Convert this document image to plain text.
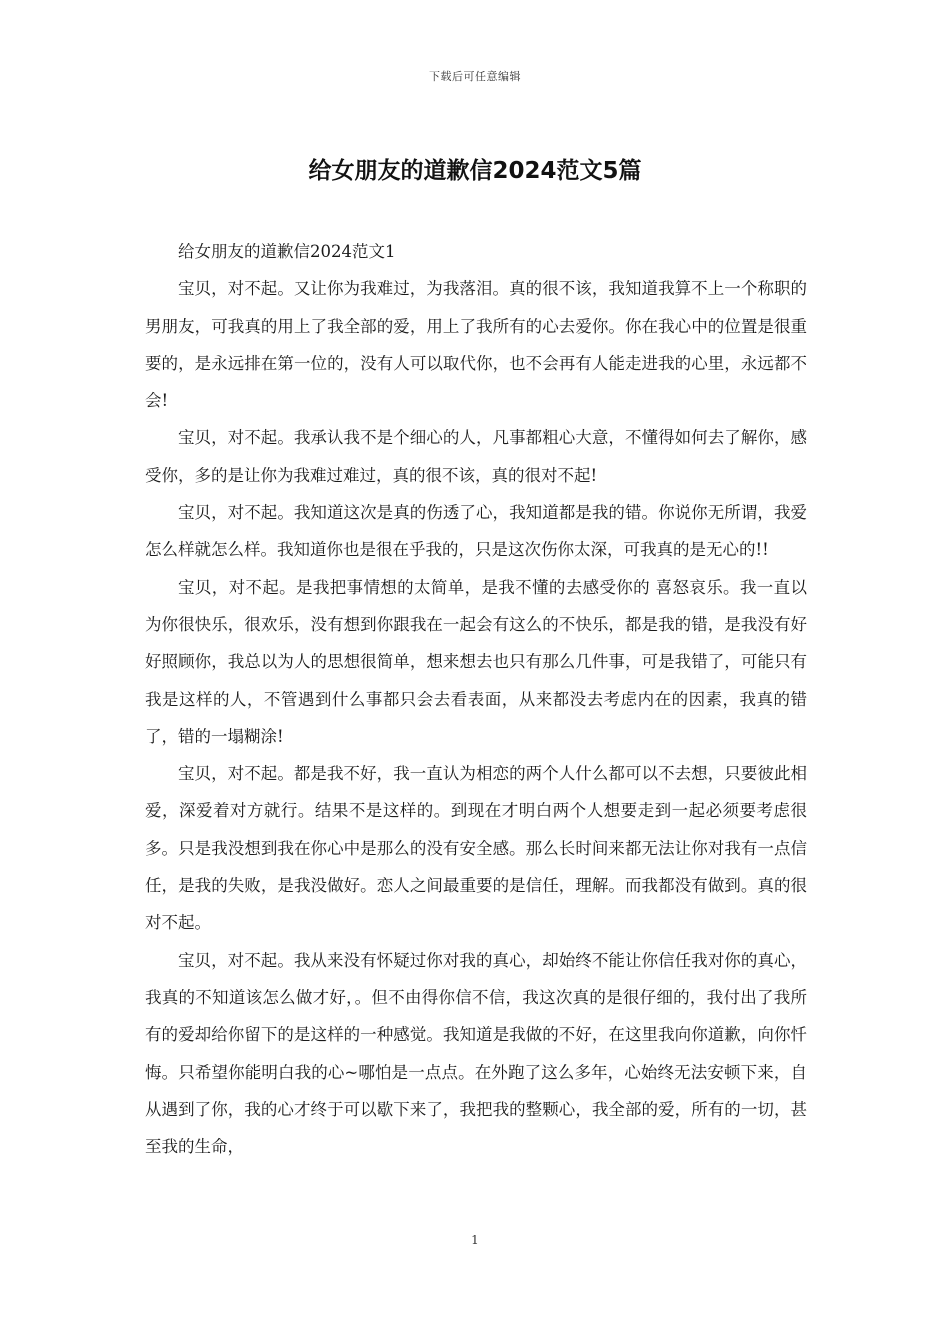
下载后可任意编辑
给女朋友的道歉信2024范文5篇

给女朋友的道歉信2024范文1

宝贝，对不起。又让你为我难过，为我落泪。真的很不该，我知道我算不上一个称职的男朋友，可我真的用上了我全部的爱，用上了我所有的心去爱你。你在我心中的位置是很重要的，是永远排在第一位的，没有人可以取代你，也不会再有人能走进我的心里，永远都不会!

宝贝，对不起。我承认我不是个细心的人，凡事都粗心大意，不懂得如何去了解你，感受你，多的是让你为我难过难过，真的很不该，真的很对不起!

宝贝，对不起。我知道这次是真的伤透了心，我知道都是我的错。你说你无所谓，我爱怎么样就怎么样。我知道你也是很在乎我的，只是这次伤你太深，可我真的是无心的!!

宝贝，对不起。是我把事情想的太简单，是我不懂的去感受你的 喜怒哀乐。我一直以为你很快乐，很欢乐，没有想到你跟我在一起会有这么的不快乐，都是我的错，是我没有好好照顾你，我总以为人的思想很简单，想来想去也只有那么几件事，可是我错了，可能只有我是这样的人，不管遇到什么事都只会去看表面，从来都没去考虑内在的因素，我真的错了，错的一塌糊涂!

宝贝，对不起。都是我不好，我一直认为相恋的两个人什么都可以不去想，只要彼此相爱，深爱着对方就行。结果不是这样的。到现在才明白两个人想要走到一起必须要考虑很多。只是我没想到我在你心中是那么的没有安全感。那么长时间来都无法让你对我有一点信任，是我的失败，是我没做好。恋人之间最重要的是信任，理解。而我都没有做到。真的很对不起。

宝贝，对不起。我从来没有怀疑过你对我的真心，却始终不能让你信任我对你的真心，我真的不知道该怎么做才好，。但不由得你信不信，我这次真的是很仔细的，我付出了我所有的爱却给你留下的是这样的一种感觉。我知道是我做的不好，在这里我向你道歉，向你忏悔。只希望你能明白我的心~哪怕是一点点。在外跑了这么多年，心始终无法安顿下来，自从遇到了你，我的心才终于可以歇下来了，我把我的整颗心，我全部的爱，所有的一切，甚至我的生命，

1
